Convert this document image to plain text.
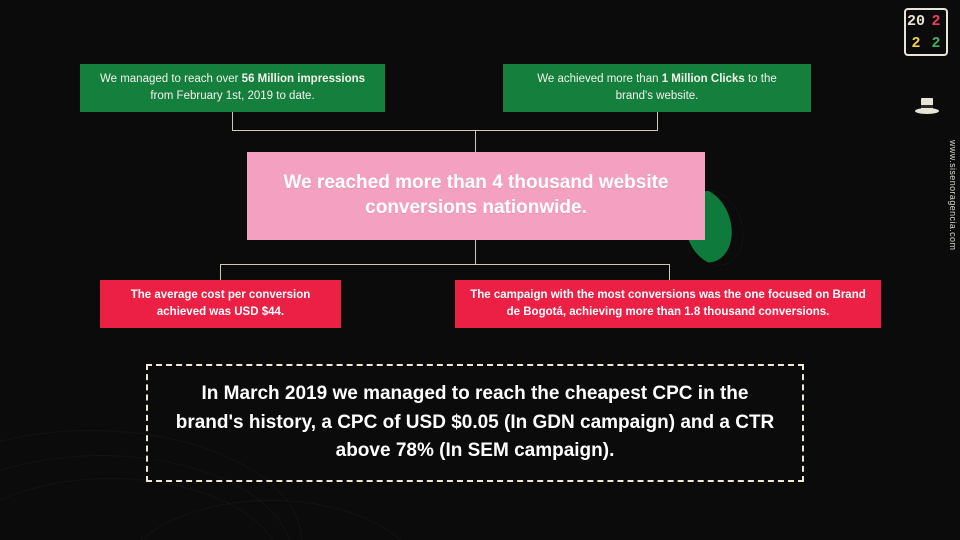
20 2
2 2
www.sisenoragencia.com
We managed to reach over 56 Million impressions from February 1st, 2019 to date.
We achieved more than 1 Million Clicks to the brand's website.
We reached more than 4 thousand website conversions nationwide.
The average cost per conversion achieved was USD $44.
The campaign with the most conversions was the one focused on Brand de Bogotá, achieving more than 1.8 thousand conversions.
In March 2019 we managed to reach the cheapest CPC in the brand's history, a CPC of USD $0.05 (In GDN campaign) and a CTR above 78% (In SEM campaign).
